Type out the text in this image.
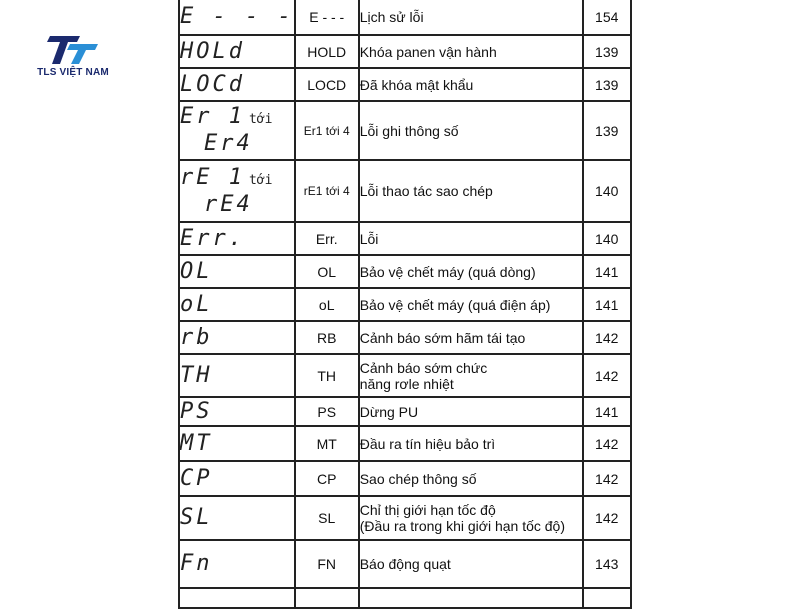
TLS VIỆT NAM
E - - -	E - - -	Lịch sử lỗi	154

HOLd	HOLD	Khóa panen vận hành	139

LOCd	LOCD	Đã khóa mật khẩu	139

Er 1 tới
Er4	Er1 tới 4	Lỗi ghi thông số	139

rE 1 tới
rE4	rE1 tới 4	Lỗi thao tác sao chép	140

Err.	Err.	Lỗi	140

OL	OL	Bảo vệ chết máy (quá dòng)	141

oL	oL	Bảo vệ chết máy (quá điện áp)	141

rb	RB	Cảnh báo sớm hãm tái tạo	142

TH	TH	Cảnh báo sớm chức
năng rơle nhiệt	142

PS	PS	Dừng PU	141

MT	MT	Đầu ra tín hiệu bảo trì	142

CP	CP	Sao chép thông số	142

SL	SL	Chỉ thị giới hạn tốc độ
(Đầu ra trong khi giới hạn tốc độ)	142

Fn	FN	Báo động quạt	143
